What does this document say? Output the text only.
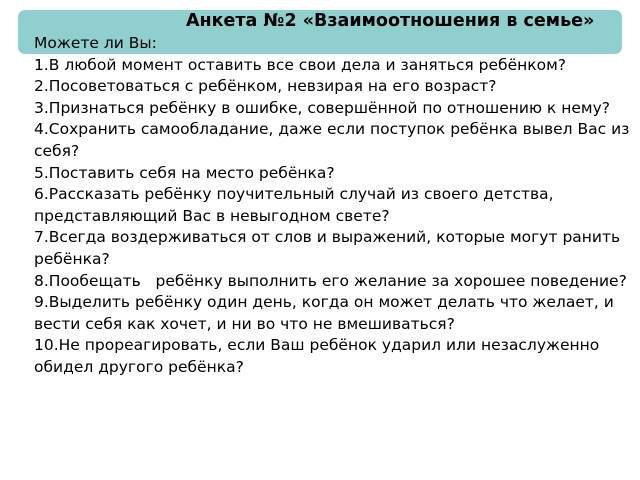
Анкета №2 «Взаимоотношения в семье»

Можете ли Вы:

1.В любой момент оставить все свои дела и заняться ребёнком?

2.Посоветоваться с ребёнком, невзирая на его возраст?

3.Признаться ребёнку в ошибке, совершённой по отношению к нему?

4.Сохранить самообладание, даже если поступок ребёнка вывел Вас из себя?

5.Поставить себя на место ребёнка?

6.Рассказать ребёнку поучительный случай из своего детства, представляющий Вас в невыгодном свете?

7.Всегда воздерживаться от слов и выражений, которые могут ранить ребёнка?

8.Пообещать   ребёнку выполнить его желание за хорошее поведение?

9.Выделить ребёнку один день, когда он может делать что желает, и вести себя как хочет, и ни во что не вмешиваться?

10.Не прореагировать, если Ваш ребёнок ударил или незаслуженно обидел другого ребёнка?
